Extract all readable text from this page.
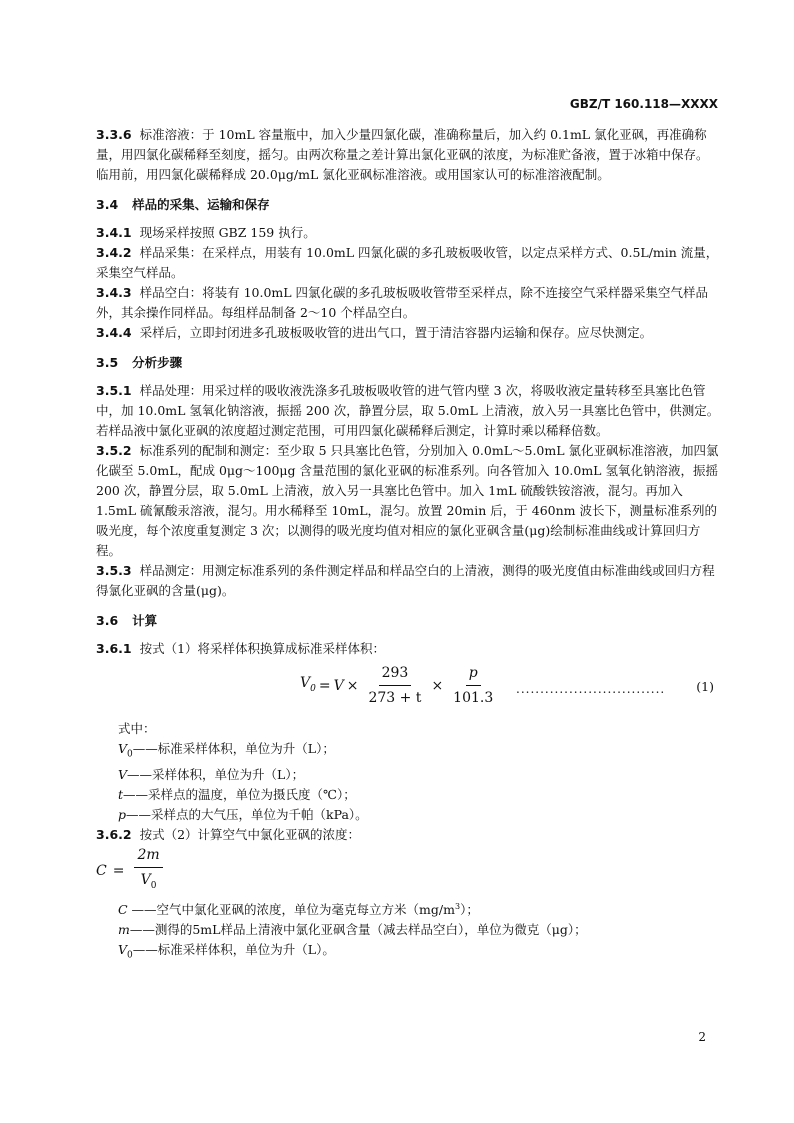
GBZ/T 160.118—XXXX

3.3.6 标准溶液：于 10mL 容量瓶中，加入少量四氯化碳，准确称量后，加入约 0.1mL 氯化亚砜，再准确称量，用四氯化碳稀释至刻度，摇匀。由两次称量之差计算出氯化亚砜的浓度，为标准贮备液，置于冰箱中保存。临用前，用四氯化碳稀释成 20.0μg/mL 氯化亚砜标准溶液。或用国家认可的标准溶液配制。

3.4 样品的采集、运输和保存

3.4.1 现场采样按照 GBZ 159 执行。

3.4.2 样品采集：在采样点，用装有 10.0mL 四氯化碳的多孔玻板吸收管，以定点采样方式、0.5L/min 流量，采集空气样品。

3.4.3 样品空白：将装有 10.0mL 四氯化碳的多孔玻板吸收管带至采样点，除不连接空气采样器采集空气样品外，其余操作同样品。每组样品制备 2～10 个样品空白。

3.4.4 采样后，立即封闭进多孔玻板吸收管的进出气口，置于清洁容器内运输和保存。应尽快测定。

3.5 分析步骤

3.5.1 样品处理：用采过样的吸收液洗涤多孔玻板吸收管的进气管内壁 3 次，将吸收液定量转移至具塞比色管中，加 10.0mL 氢氧化钠溶液，振摇 200 次，静置分层，取 5.0mL 上清液，放入另一具塞比色管中，供测定。若样品液中氯化亚砜的浓度超过测定范围，可用四氯化碳稀释后测定，计算时乘以稀释倍数。

3.5.2 标准系列的配制和测定：至少取 5 只具塞比色管，分别加入 0.0mL～5.0mL 氯化亚砜标准溶液，加四氯化碳至 5.0mL，配成 0μg～100μg 含量范围的氯化亚砜的标准系列。向各管加入 10.0mL 氢氧化钠溶液，振摇 200 次，静置分层，取 5.0mL 上清液，放入另一具塞比色管中。加入 1mL 硫酸铁铵溶液，混匀。再加入 1.5mL 硫氰酸汞溶液，混匀。用水稀释至 10mL，混匀。放置 20min 后，于 460nm 波长下，测量标准系列的吸光度，每个浓度重复测定 3 次；以测得的吸光度均值对相应的氯化亚砜含量(μg)绘制标准曲线或计算回归方程。

3.5.3 样品测定：用测定标准系列的条件测定样品和样品空白的上清液，测得的吸光度值由标准曲线或回归方程得氯化亚砜的含量(μg)。

3.6 计算

3.6.1 按式（1）将采样体积换算成标准采样体积：

$V_0 = V \times \frac{293}{273 + t} \times \frac{p}{101.3}$ ............................... (1)

式中：

$V_0——$标准采样体积，单位为升（L）；

V——采样体积，单位为升（L）；

t——采样点的温度，单位为摄氏度（℃）；

p——采样点的大气压，单位为千帕（kPa）。

3.6.2 按式（2）计算空气中氯化亚砜的浓度：

$C = \frac{2m}{V_0}$

C ——空气中氯化亚砜的浓度，单位为毫克每立方米$(mg/m^3)$；

m——测得的5mL样品上清液中氯化亚砜含量（减去样品空白），单位为微克（μg）；

$V_0——$标准采样体积，单位为升（L）。

2
